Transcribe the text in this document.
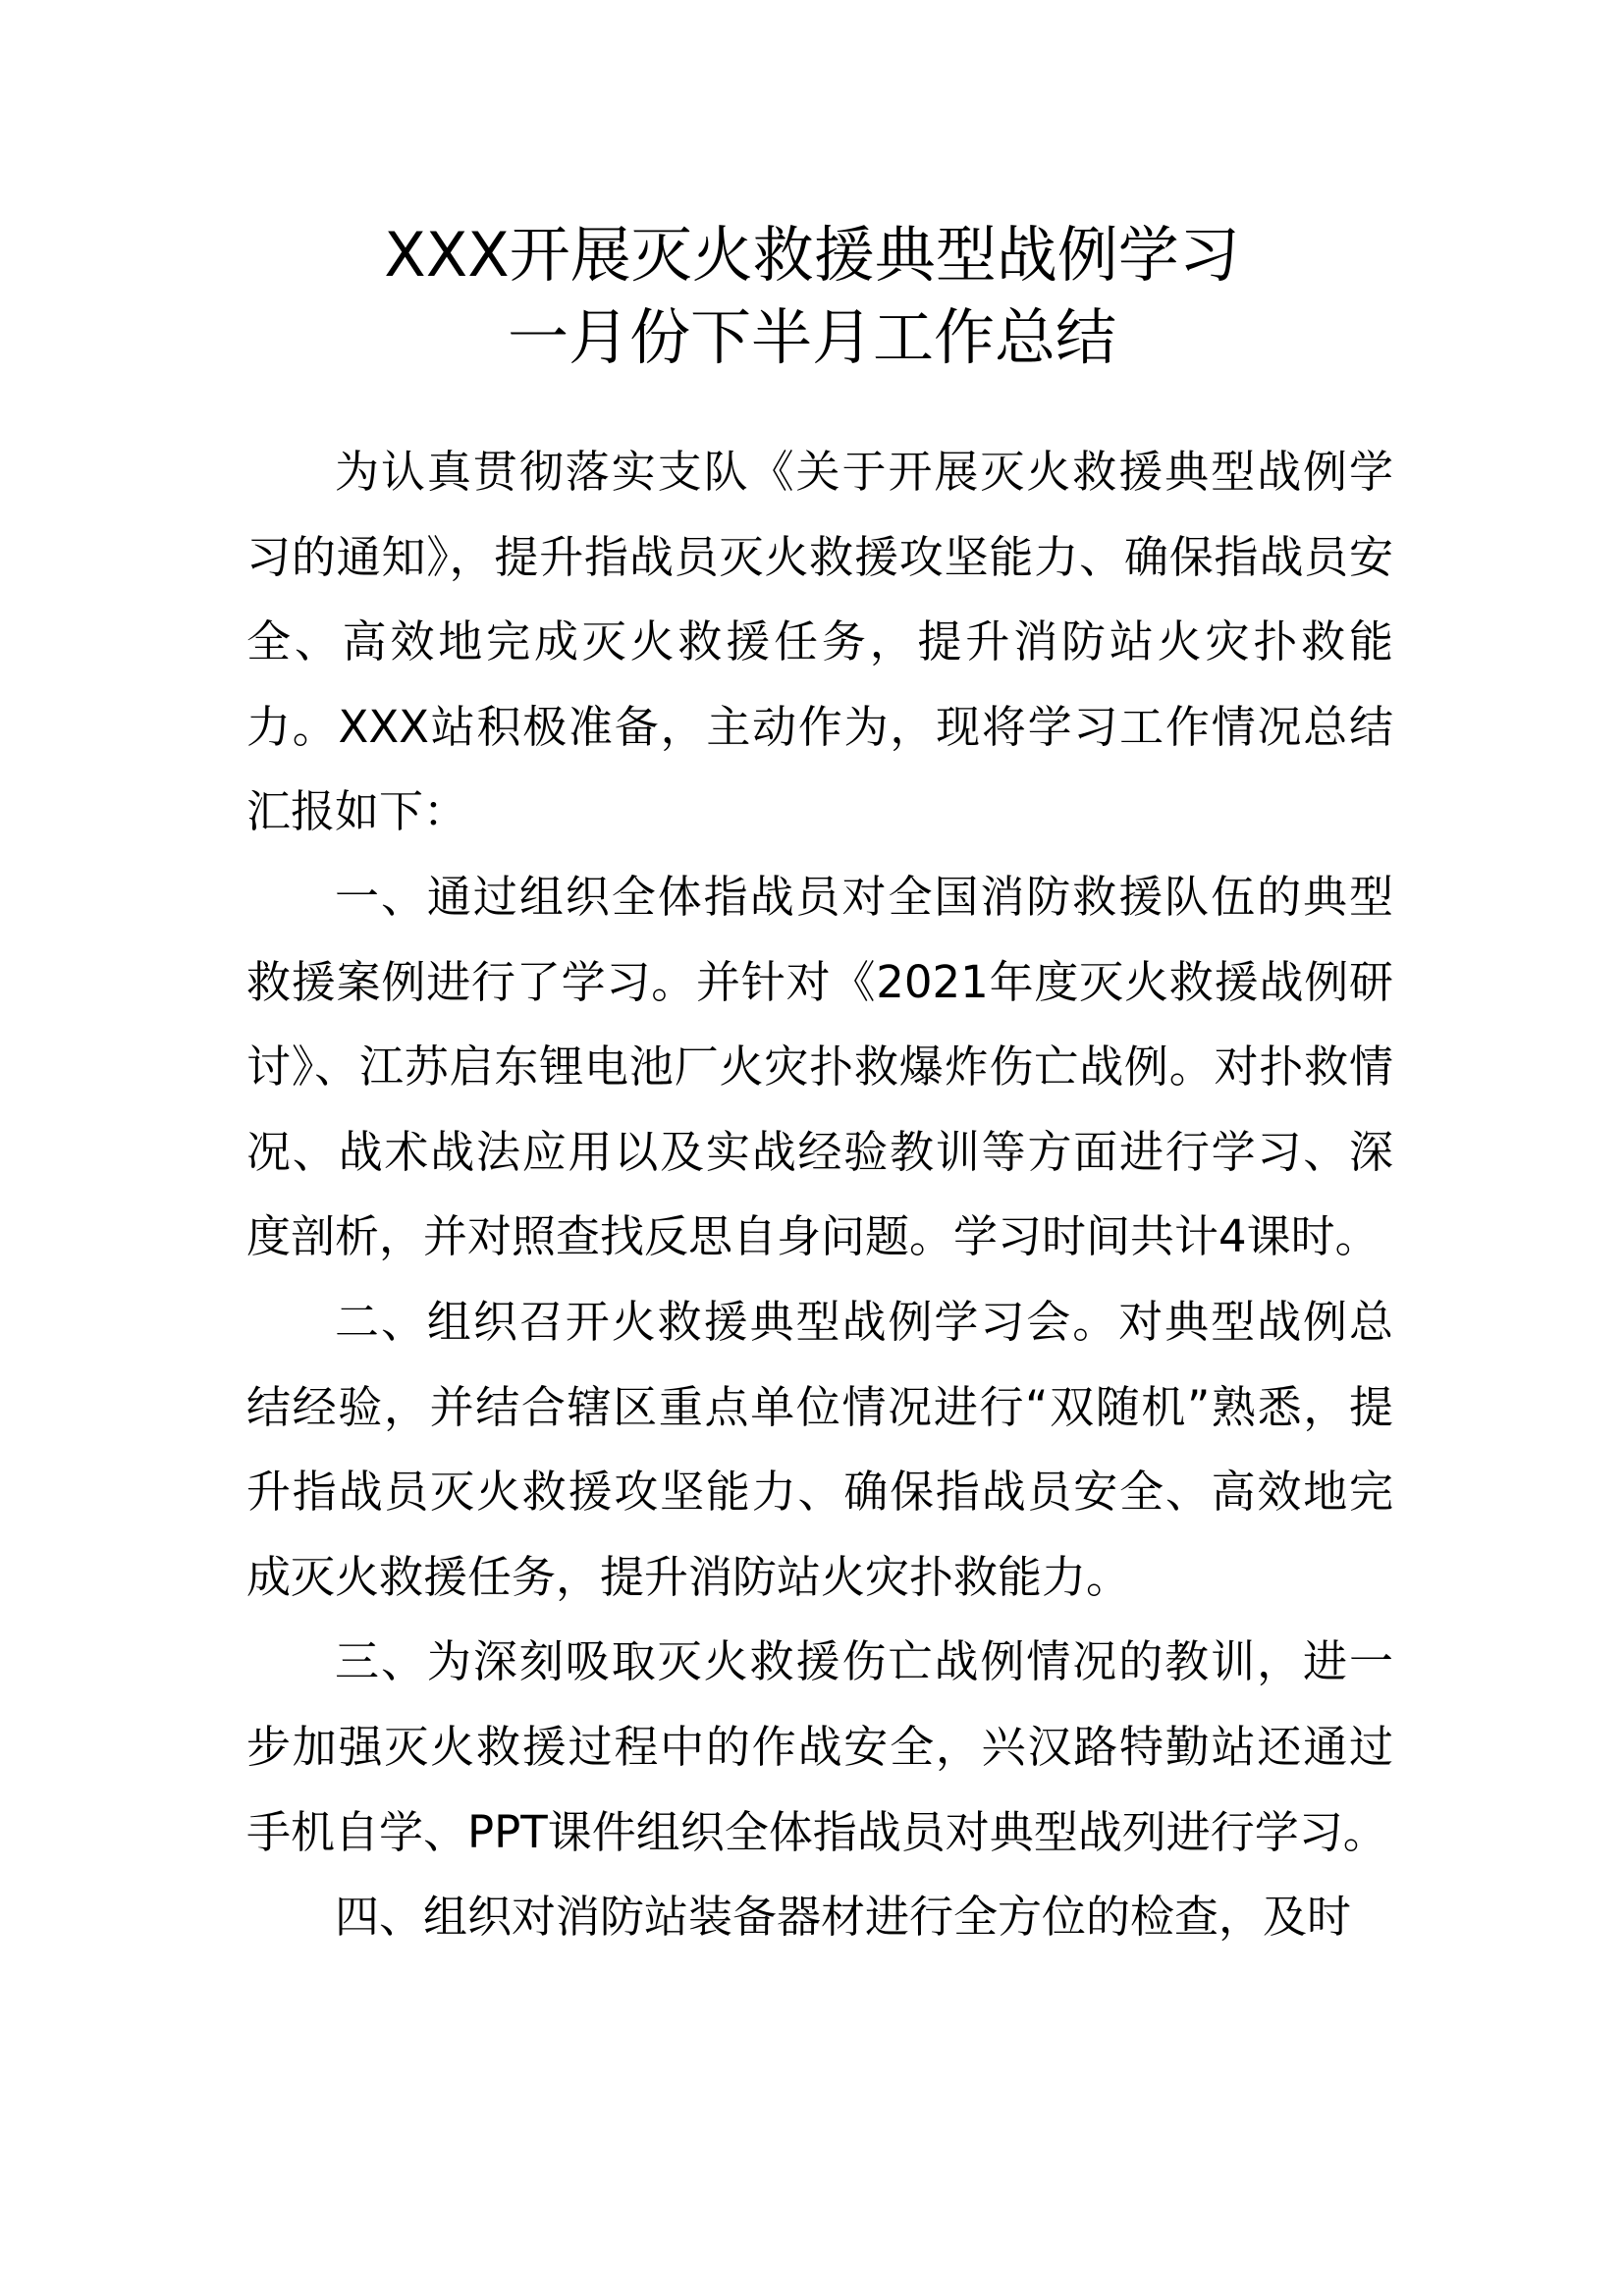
XXX开展灭火救援典型战例学习
一月份下半月工作总结

为认真贯彻落实支队《关于开展灭火救援典型战例学习的通知》，提升指战员灭火救援攻坚能力、确保指战员安全、高效地完成灭火救援任务，提升消防站火灾扑救能力。XXX站积极准备，主动作为，现将学习工作情况总结汇报如下：

一、通过组织全体指战员对全国消防救援队伍的典型救援案例进行了学习。并针对《2021年度灭火救援战例研讨》、江苏启东锂电池厂火灾扑救爆炸伤亡战例。对扑救情况、战术战法应用以及实战经验教训等方面进行学习、深度剖析，并对照查找反思自身问题。学习时间共计4课时。

二、组织召开火救援典型战例学习会。对典型战例总结经验，并结合辖区重点单位情况进行“双随机”熟悉，提升指战员灭火救援攻坚能力、确保指战员安全、高效地完成灭火救援任务，提升消防站火灾扑救能力。

三、为深刻吸取灭火救援伤亡战例情况的教训，进一步加强灭火救援过程中的作战安全，兴汉路特勤站还通过手机自学、PPT课件组织全体指战员对典型战列进行学习。

四、组织对消防站装备器材进行全方位的检查，及时
